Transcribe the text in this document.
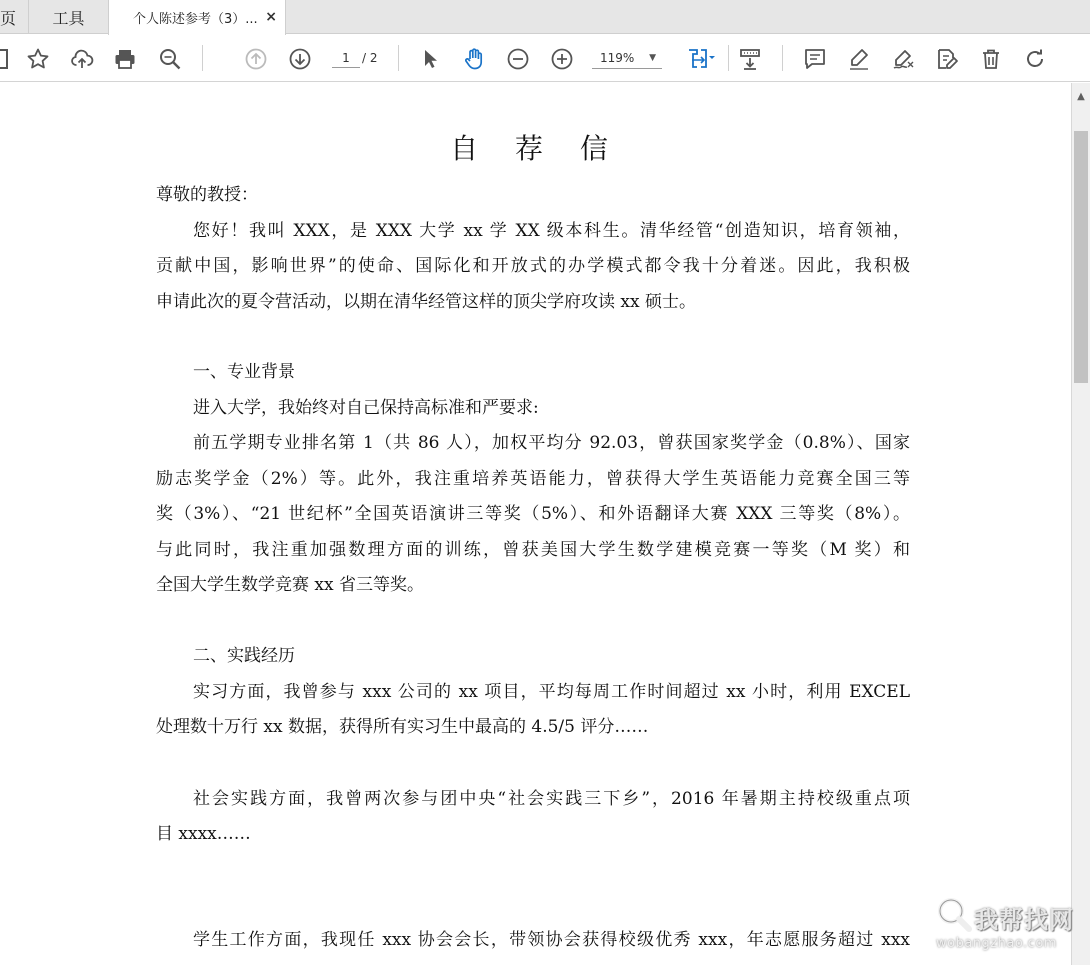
页 工具	个人陈述参考（3）... ×
1	/ 2	119% ▼
自 荐 信
尊敬的教授：
您好！我叫 XXX，是 XXX 大学 xx 学 XX 级本科生。清华经管“创造知识，培育领袖，
贡献中国，影响世界”的使命、国际化和开放式的办学模式都令我十分着迷。因此，我积极
申请此次的夏令营活动，以期在清华经管这样的顶尖学府攻读 xx 硕士。
一、专业背景
进入大学，我始终对自己保持高标准和严要求:
前五学期专业排名第 1（共 86 人），加权平均分 92.03，曾获国家奖学金（0.8%）、国家
励志奖学金（2%）等。此外，我注重培养英语能力，曾获得大学生英语能力竞赛全国三等
奖（3%）、“21 世纪杯”全国英语演讲三等奖（5%）、和外语翻译大赛 XXX 三等奖（8%）。
与此同时，我注重加强数理方面的训练，曾获美国大学生数学建模竞赛一等奖（M 奖）和
全国大学生数学竞赛 xx 省三等奖。
二、实践经历
实习方面，我曾参与 xxx 公司的 xx 项目，平均每周工作时间超过 xx 小时，利用 EXCEL
处理数十万行 xx 数据，获得所有实习生中最高的 4.5/5 评分……
社会实践方面，我曾两次参与团中央“社会实践三下乡”，2016 年暑期主持校级重点项
目 xxxx……
学生工作方面，我现任 xxx 协会会长，带领协会获得校级优秀 xxx，年志愿服务超过 xxx
▲
我帮找网
wobangzhao.com
